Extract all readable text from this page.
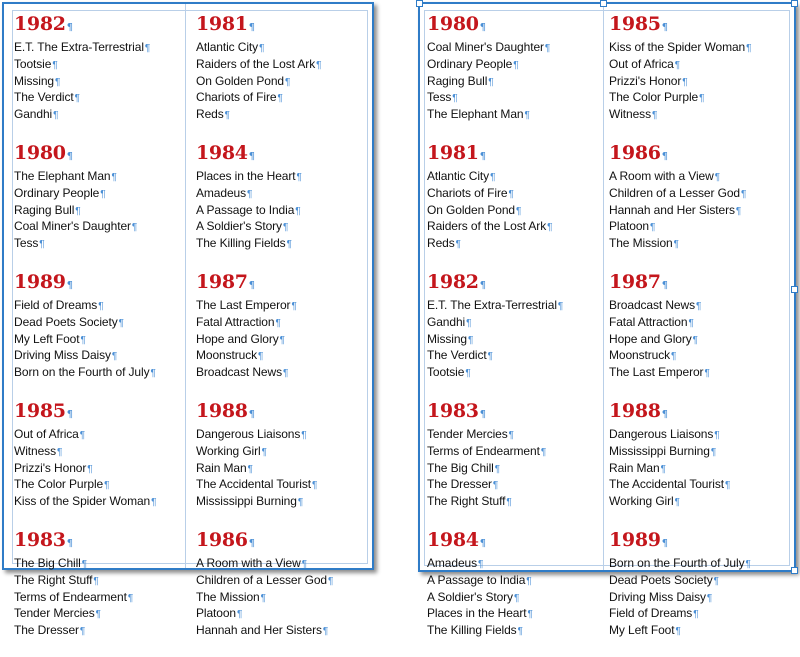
1982¶
E.T. The Extra-Terrestrial¶
Tootsie¶
Missing¶
The Verdict¶
Gandhi¶
1980¶
The Elephant Man¶
Ordinary People¶
Raging Bull¶
Coal Miner's Daughter¶
Tess¶
1989¶
Field of Dreams¶
Dead Poets Society¶
My Left Foot¶
Driving Miss Daisy¶
Born on the Fourth of July¶
1985¶
Out of Africa¶
Witness¶
Prizzi's Honor¶
The Color Purple¶
Kiss of the Spider Woman¶
1983¶
The Big Chill¶
The Right Stuff¶
Terms of Endearment¶
Tender Mercies¶
The Dresser¶
1981¶
Atlantic City¶
Raiders of the Lost Ark¶
On Golden Pond¶
Chariots of Fire¶
Reds¶
1984¶
Places in the Heart¶
Amadeus¶
A Passage to India¶
A Soldier's Story¶
The Killing Fields¶
1987¶
The Last Emperor¶
Fatal Attraction¶
Hope and Glory¶
Moonstruck¶
Broadcast News¶
1988¶
Dangerous Liaisons¶
Working Girl¶
Rain Man¶
The Accidental Tourist¶
Mississippi Burning¶
1986¶
A Room with a View¶
Children of a Lesser God¶
The Mission¶
Platoon¶
Hannah and Her Sisters¶
1980¶
Coal Miner's Daughter¶
Ordinary People¶
Raging Bull¶
Tess¶
The Elephant Man¶
1981¶
Atlantic City¶
Chariots of Fire¶
On Golden Pond¶
Raiders of the Lost Ark¶
Reds¶
1982¶
E.T. The Extra-Terrestrial¶
Gandhi¶
Missing¶
The Verdict¶
Tootsie¶
1983¶
Tender Mercies¶
Terms of Endearment¶
The Big Chill¶
The Dresser¶
The Right Stuff¶
1984¶
Amadeus¶
A Passage to India¶
A Soldier's Story¶
Places in the Heart¶
The Killing Fields¶
1985¶
Kiss of the Spider Woman¶
Out of Africa¶
Prizzi's Honor¶
The Color Purple¶
Witness¶
1986¶
A Room with a View¶
Children of a Lesser God¶
Hannah and Her Sisters¶
Platoon¶
The Mission¶
1987¶
Broadcast News¶
Fatal Attraction¶
Hope and Glory¶
Moonstruck¶
The Last Emperor¶
1988¶
Dangerous Liaisons¶
Mississippi Burning¶
Rain Man¶
The Accidental Tourist¶
Working Girl¶
1989¶
Born on the Fourth of July¶
Dead Poets Society¶
Driving Miss Daisy¶
Field of Dreams¶
My Left Foot¶
